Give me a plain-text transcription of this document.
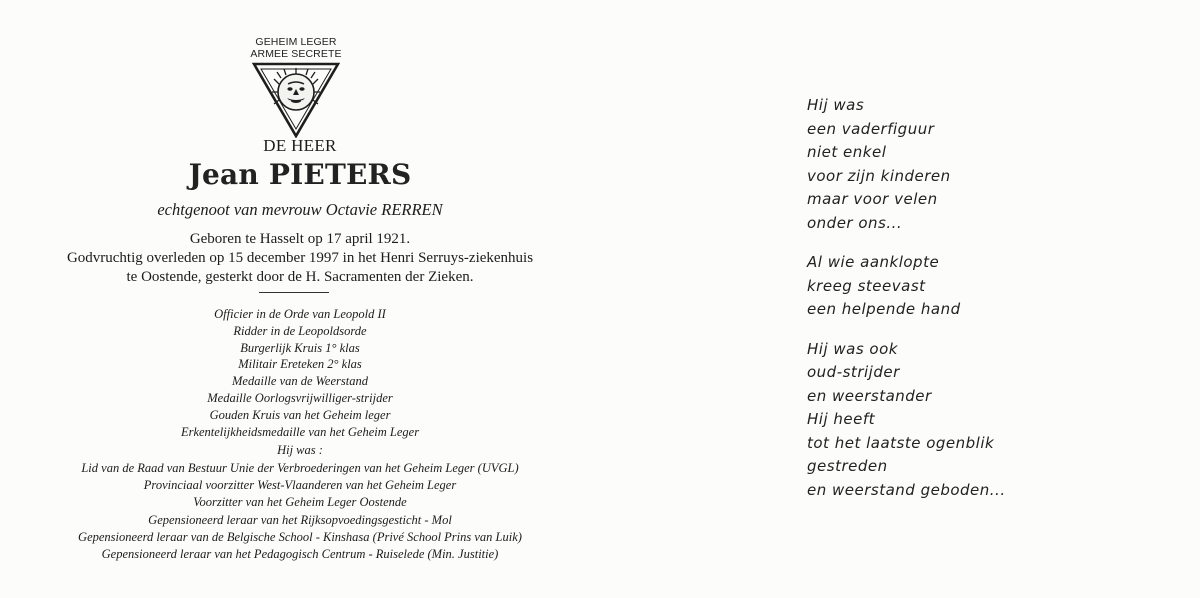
GEHEIM LEGER
ARMEE SECRETE
DE HEER
Jean PIETERS
echtgenoot van mevrouw Octavie RERREN
Geboren te Hasselt op 17 april 1921.
Godvruchtig overleden op 15 december 1997 in het Henri Serruys-ziekenhuis
te Oostende, gesterkt door de H. Sacramenten der Zieken.
Officier in de Orde van Leopold II
Ridder in de Leopoldsorde
Burgerlijk Kruis 1° klas
Militair Ereteken 2° klas
Medaille van de Weerstand
Medaille Oorlogsvrijwilliger-strijder
Gouden Kruis van het Geheim leger
Erkentelijkheidsmedaille van het Geheim Leger
Hij was :
Lid van de Raad van Bestuur Unie der Verbroederingen van het Geheim Leger (UVGL)
Provinciaal voorzitter West-Vlaanderen van het Geheim Leger
Voorzitter van het Geheim Leger Oostende
Gepensioneerd leraar van het Rijksopvoedingsgesticht - Mol
Gepensioneerd leraar van de Belgische School - Kinshasa (Privé School Prins van Luik)
Gepensioneerd leraar van het Pedagogisch Centrum - Ruiselede (Min. Justitie)
Hij was
een vaderfiguur
niet enkel
voor zijn kinderen
maar voor velen
onder ons...
Al wie aanklopte
kreeg steevast
een helpende hand
Hij was ook
oud-strijder
en weerstander
Hij heeft
tot het laatste ogenblik
gestreden
en weerstand geboden...
